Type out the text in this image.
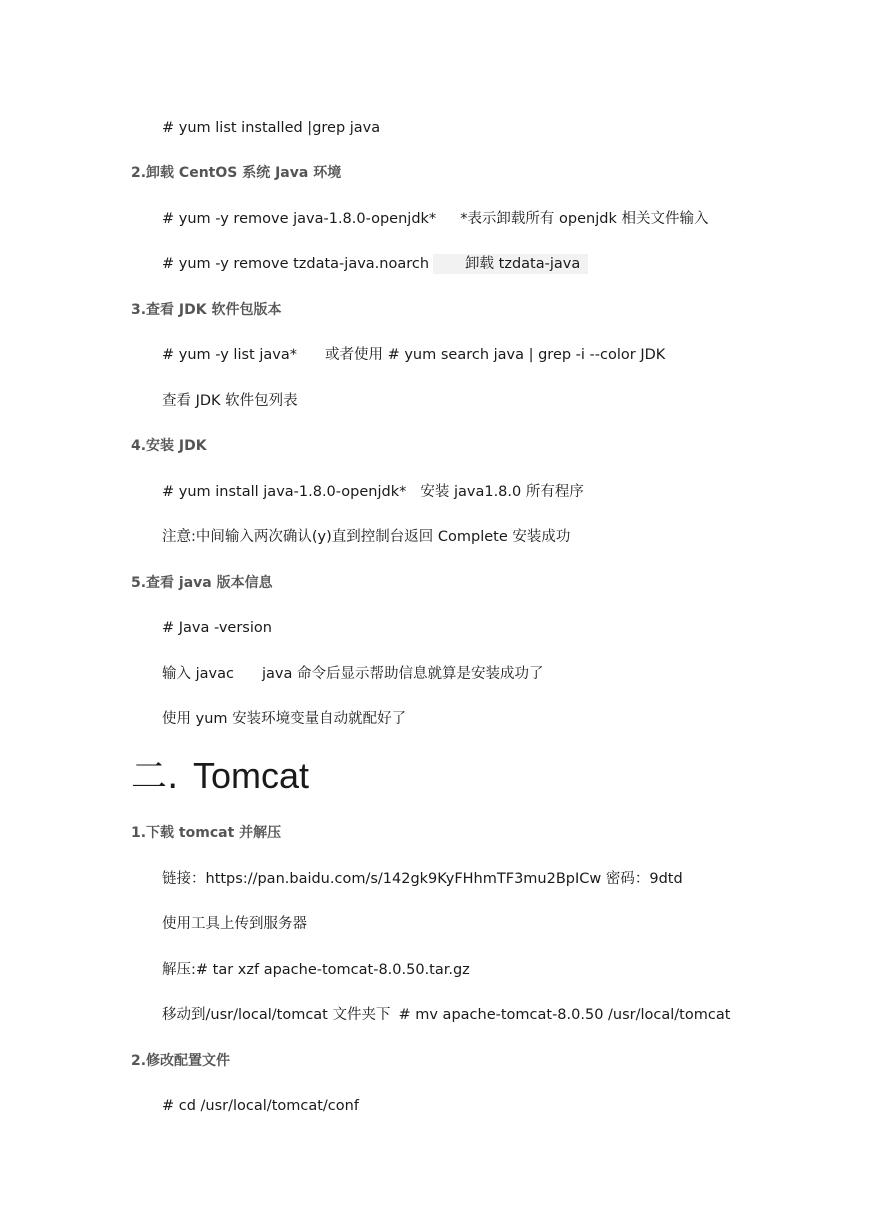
# yum list installed |grep java
2.卸载 CentOS 系统 Java 环境
# yum -y remove java-1.8.0-openjdk* *表示卸载所有 openjdk 相关文件输入
# yum -y remove tzdata-java.noarch 卸载 tzdata-java
3.查看 JDK 软件包版本
# yum -y list java* 或者使用 # yum search java | grep -i --color JDK
查看 JDK 软件包列表
4.安装 JDK
# yum install java-1.8.0-openjdk* 安装 java1.8.0 所有程序
注意:中间输入两次确认(y)直到控制台返回 Complete 安装成功
5.查看 java 版本信息
# Java -version
输入 javac java 命令后显示帮助信息就算是安装成功了
使用 yum 安装环境变量自动就配好了
二. Tomcat
1.下载 tomcat 并解压
链接：https://pan.baidu.com/s/142gk9KyFHhmTF3mu2BpICw 密码：9dtd
使用工具上传到服务器
解压:# tar xzf apache-tomcat-8.0.50.tar.gz
移动到/usr/local/tomcat 文件夹下 # mv apache-tomcat-8.0.50 /usr/local/tomcat
2.修改配置文件
# cd /usr/local/tomcat/conf
